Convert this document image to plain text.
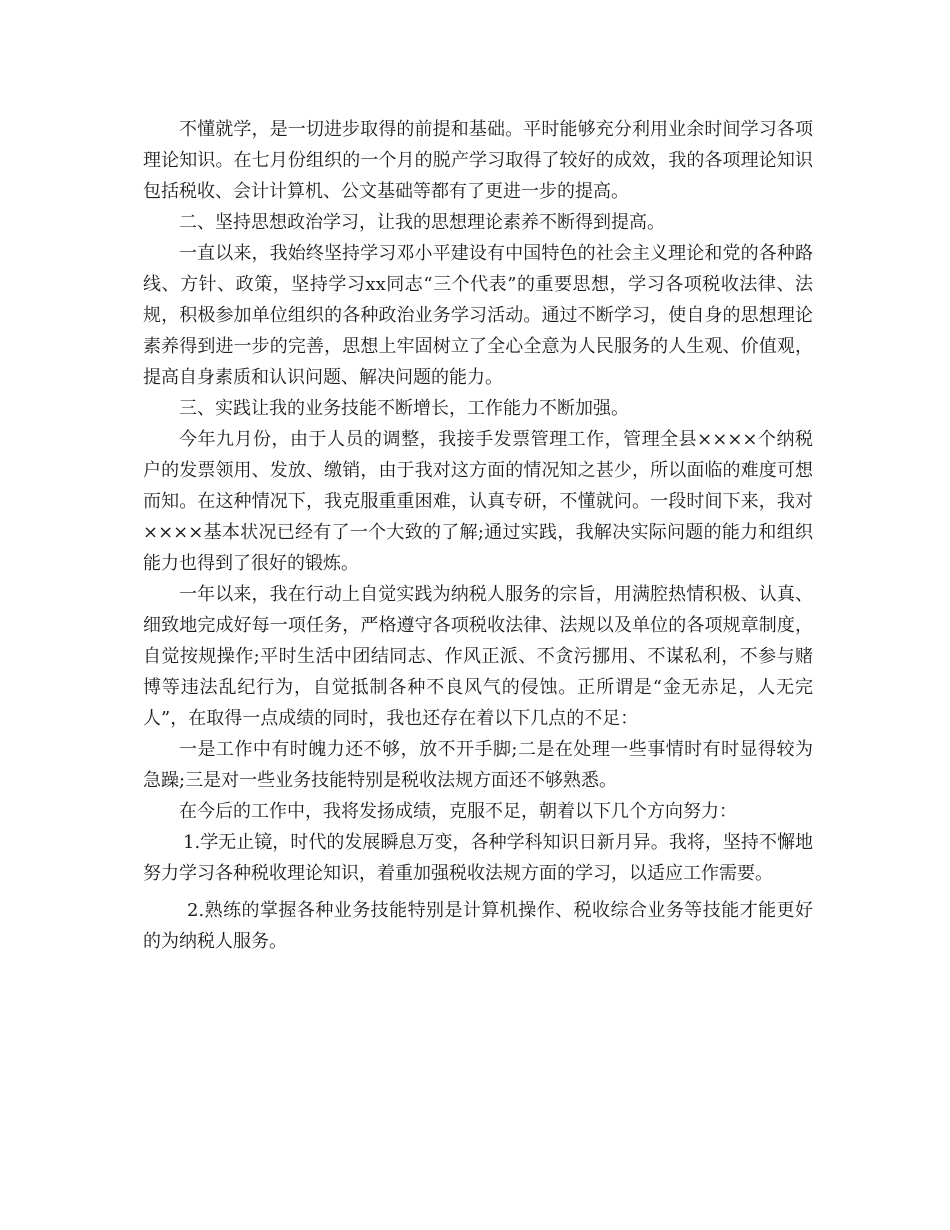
不懂就学，是一切进步取得的前提和基础。平时能够充分利用业余时间学习各项理论知识。在七月份组织的一个月的脱产学习取得了较好的成效，我的各项理论知识包括税收、会计计算机、公文基础等都有了更进一步的提高。

二、坚持思想政治学习，让我的思想理论素养不断得到提高。

一直以来，我始终坚持学习邓小平建设有中国特色的社会主义理论和党的各种路线、方针、政策，坚持学习xx同志“三个代表”的重要思想，学习各项税收法律、法规，积极参加单位组织的各种政治业务学习活动。通过不断学习，使自身的思想理论素养得到进一步的完善，思想上牢固树立了全心全意为人民服务的人生观、价值观，提高自身素质和认识问题、解决问题的能力。

三、实践让我的业务技能不断增长，工作能力不断加强。

今年九月份，由于人员的调整，我接手发票管理工作，管理全县××××个纳税户的发票领用、发放、缴销，由于我对这方面的情况知之甚少，所以面临的难度可想而知。在这种情况下，我克服重重困难，认真专研，不懂就问。一段时间下来，我对××××基本状况已经有了一个大致的了解;通过实践，我解决实际问题的能力和组织能力也得到了很好的锻炼。

一年以来，我在行动上自觉实践为纳税人服务的宗旨，用满腔热情积极、认真、细致地完成好每一项任务，严格遵守各项税收法律、法规以及单位的各项规章制度，自觉按规操作;平时生活中团结同志、作风正派、不贪污挪用、不谋私利，不参与赌博等违法乱纪行为，自觉抵制各种不良风气的侵蚀。正所谓是“金无赤足，人无完人”，在取得一点成绩的同时，我也还存在着以下几点的不足：

一是工作中有时魄力还不够，放不开手脚;二是在处理一些事情时有时显得较为急躁;三是对一些业务技能特别是税收法规方面还不够熟悉。

在今后的工作中，我将发扬成绩，克服不足，朝着以下几个方向努力：

1.学无止镜，时代的发展瞬息万变，各种学科知识日新月异。我将，坚持不懈地努力学习各种税收理论知识，着重加强税收法规方面的学习，以适应工作需要。

2.熟练的掌握各种业务技能特别是计算机操作、税收综合业务等技能才能更好的为纳税人服务。
